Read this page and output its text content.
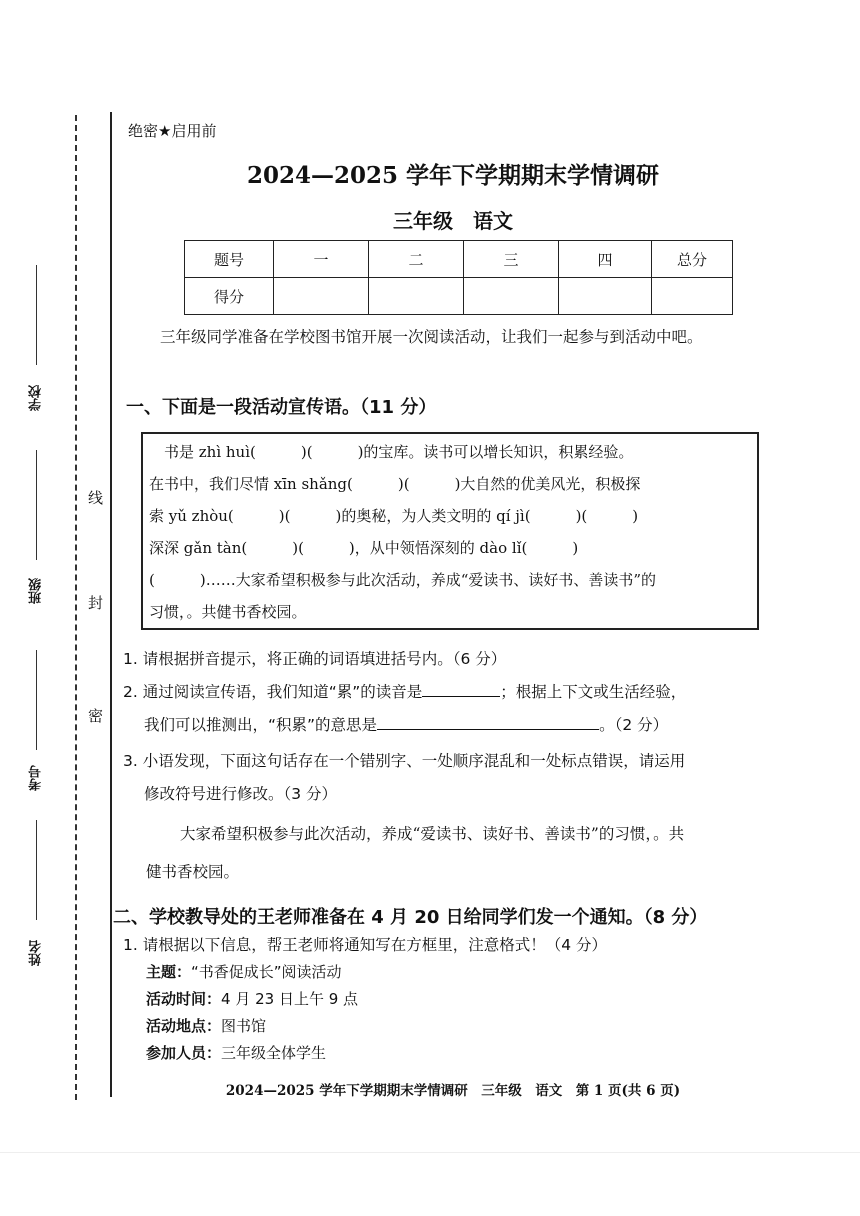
学校
班级
考号
姓名
线
封
密
绝密★启用前
2024—2025 学年下学期期末学情调研
三年级　语文
题号	一	二	三	四	总分
得分					
三年级同学准备在学校图书馆开展一次阅读活动，让我们一起参与到活动中吧。
一、下面是一段活动宣传语。（11 分）

　书是 zhì huì(　　　)(　　　)的宝库。读书可以增长知识，积累经验。

在书中，我们尽情 xīn shǎng(　　　)(　　　)大自然的优美风光，积极探

索 yǔ zhòu(　　　)(　　　)的奥秘，为人类文明的 qí jì(　　　)(　　　)

深深 gǎn tàn(　　　)(　　　)，从中领悟深刻的 dào lǐ(　　　)

(　　　)……大家希望积极参与此次活动，养成“爱读书、读好书、善读书”的

习惯，。共健书香校园。

1. 请根据拼音提示，将正确的词语填进括号内。（6 分）
2. 通过阅读宣传语，我们知道“累”的读音是	；根据上下文或生活经验，
我们可以推测出，“积累”的意思是	。（2 分）
3. 小语发现，下面这句话存在一个错别字、一处顺序混乱和一处标点错误，请运用
修改符号进行修改。（3 分）
大家希望积极参与此次活动，养成“爱读书、读好书、善读书”的习惯，。共
健书香校园。
二、学校教导处的王老师准备在 4 月 20 日给同学们发一个通知。（8 分）
1. 请根据以下信息，帮王老师将通知写在方框里，注意格式！（4 分）
主题：“书香促成长”阅读活动
活动时间：4 月 23 日上午 9 点
活动地点：图书馆
参加人员：三年级全体学生
2024—2025 学年下学期期末学情调研　三年级　语文　第 1 页(共 6 页)
